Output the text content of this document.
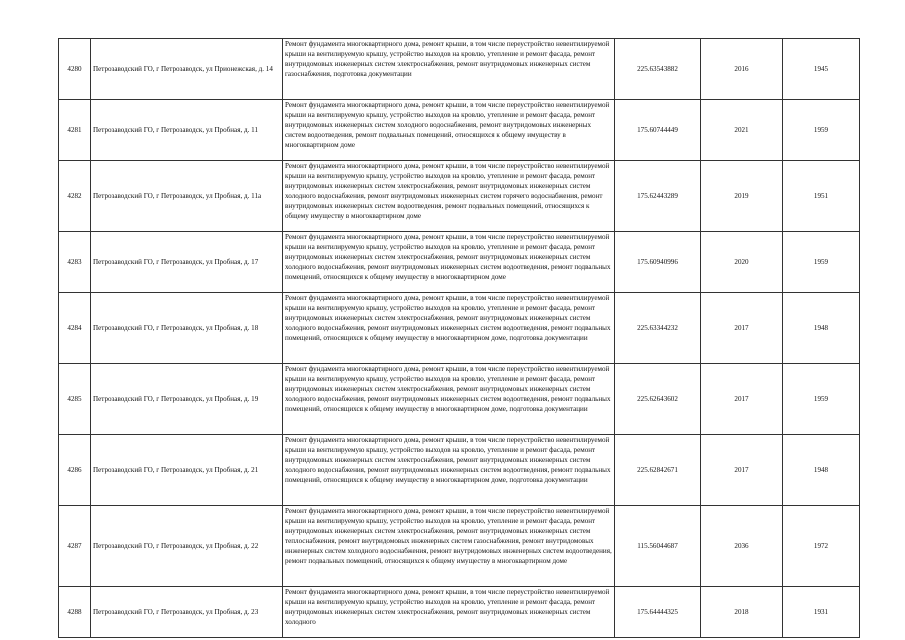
4280	Петрозаводский ГО, г Петрозаводск, ул Прионежская, д. 14	Ремонт фундамента многоквартирного дома, ремонт крыши, в том числе переустройство невентилируемой крыши на вентилируемую крышу, устройство выходов на кровлю, утепление и ремонт фасада, ремонт внутридомовых инженерных систем электроснабжения, ремонт внутридомовых инженерных систем газоснабжения, подготовка документации	225.63543882	2016	1945
4281	Петрозаводский ГО, г Петрозаводск, ул Пробная, д. 11	Ремонт фундамента многоквартирного дома, ремонт крыши, в том числе переустройство невентилируемой крыши на вентилируемую крышу, устройство выходов на кровлю, утепление и ремонт фасада, ремонт внутридомовых инженерных систем холодного водоснабжения, ремонт внутридомовых инженерных систем водоотведения, ремонт подвальных помещений, относящихся к общему имуществу в многоквартирном доме	175.60744449	2021	1959
4282	Петрозаводский ГО, г Петрозаводск, ул Пробная, д. 11а	Ремонт фундамента многоквартирного дома, ремонт крыши, в том числе переустройство невентилируемой крыши на вентилируемую крышу, устройство выходов на кровлю, утепление и ремонт фасада, ремонт внутридомовых инженерных систем электроснабжения, ремонт внутридомовых инженерных систем холодного водоснабжения, ремонт внутридомовых инженерных систем горячего водоснабжения, ремонт внутридомовых инженерных систем водоотведения, ремонт подвальных помещений, относящихся к общему имуществу в многоквартирном доме	175.62443289	2019	1951
4283	Петрозаводский ГО, г Петрозаводск, ул Пробная, д. 17	Ремонт фундамента многоквартирного дома, ремонт крыши, в том числе переустройство невентилируемой крыши на вентилируемую крышу, устройство выходов на кровлю, утепление и ремонт фасада, ремонт внутридомовых инженерных систем электроснабжения, ремонт внутридомовых инженерных систем холодного водоснабжения, ремонт внутридомовых инженерных систем водоотведения, ремонт подвальных помещений, относящихся к общему имуществу в многоквартирном доме	175.60940996	2020	1959
4284	Петрозаводский ГО, г Петрозаводск, ул Пробная, д. 18	Ремонт фундамента многоквартирного дома, ремонт крыши, в том числе переустройство невентилируемой крыши на вентилируемую крышу, устройство выходов на кровлю, утепление и ремонт фасада, ремонт внутридомовых инженерных систем электроснабжения, ремонт внутридомовых инженерных систем холодного водоснабжения, ремонт внутридомовых инженерных систем водоотведения, ремонт подвальных помещений, относящихся к общему имуществу в многоквартирном доме, подготовка документации	225.63344232	2017	1948
4285	Петрозаводский ГО, г Петрозаводск, ул Пробная, д. 19	Ремонт фундамента многоквартирного дома, ремонт крыши, в том числе переустройство невентилируемой крыши на вентилируемую крышу, устройство выходов на кровлю, утепление и ремонт фасада, ремонт внутридомовых инженерных систем электроснабжения, ремонт внутридомовых инженерных систем холодного водоснабжения, ремонт внутридомовых инженерных систем водоотведения, ремонт подвальных помещений, относящихся к общему имуществу в многоквартирном доме, подготовка документации	225.62643602	2017	1959
4286	Петрозаводский ГО, г Петрозаводск, ул Пробная, д. 21	Ремонт фундамента многоквартирного дома, ремонт крыши, в том числе переустройство невентилируемой крыши на вентилируемую крышу, устройство выходов на кровлю, утепление и ремонт фасада, ремонт внутридомовых инженерных систем электроснабжения, ремонт внутридомовых инженерных систем холодного водоснабжения, ремонт внутридомовых инженерных систем водоотведения, ремонт подвальных помещений, относящихся к общему имуществу в многоквартирном доме, подготовка документации	225.62842671	2017	1948
4287	Петрозаводский ГО, г Петрозаводск, ул Пробная, д. 22	Ремонт фундамента многоквартирного дома, ремонт крыши, в том числе переустройство невентилируемой крыши на вентилируемую крышу, устройство выходов на кровлю, утепление и ремонт фасада, ремонт внутридомовых инженерных систем электроснабжения, ремонт внутридомовых инженерных систем теплоснабжения, ремонт внутридомовых инженерных систем газоснабжения, ремонт внутридомовых инженерных систем холодного водоснабжения, ремонт внутридомовых инженерных систем водоотведения, ремонт подвальных помещений, относящихся к общему имуществу в многоквартирном доме	115.56044687	2036	1972
4288	Петрозаводский ГО, г Петрозаводск, ул Пробная, д. 23	Ремонт фундамента многоквартирного дома, ремонт крыши, в том числе переустройство невентилируемой крыши на вентилируемую крышу, устройство выходов на кровлю, утепление и ремонт фасада, ремонт внутридомовых инженерных систем электроснабжения, ремонт внутридомовых инженерных систем холодного	175.64444325	2018	1931
